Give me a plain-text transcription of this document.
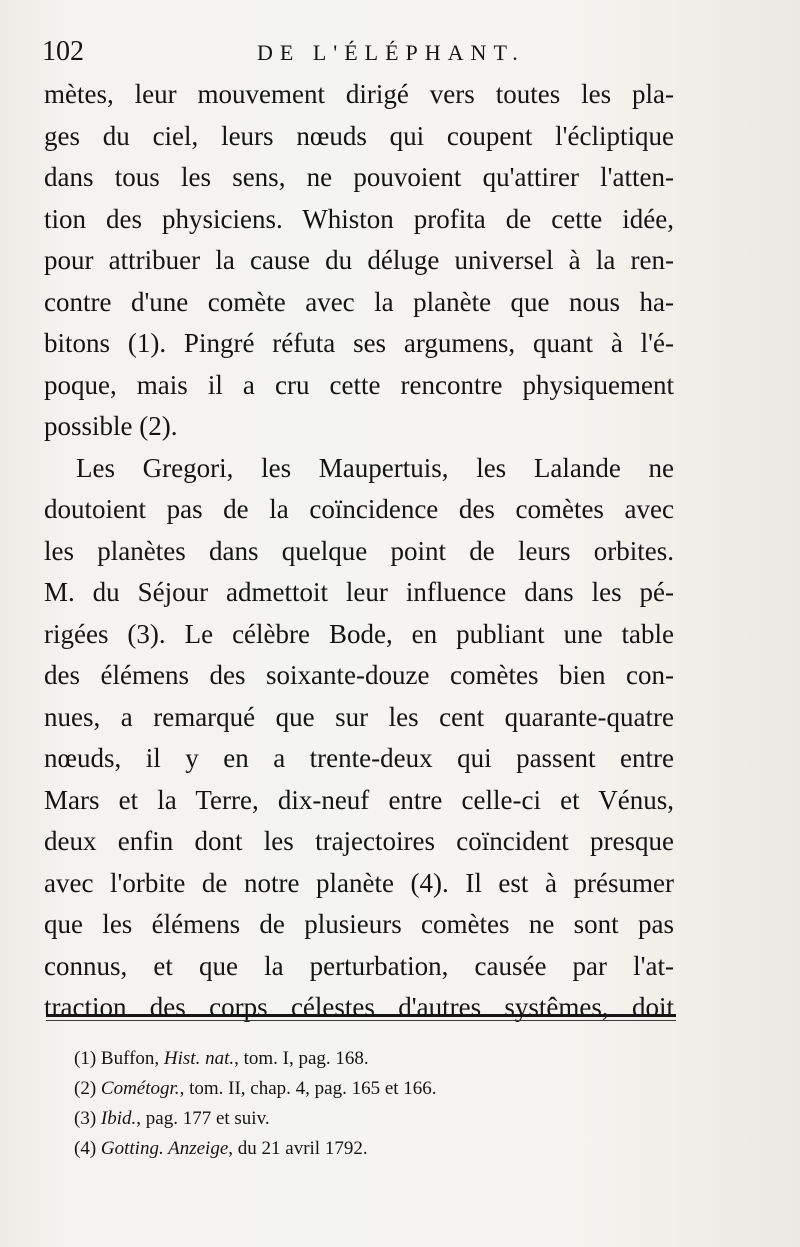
102	DE L'ÉLÉPHANT.
mètes, leur mouvement dirigé vers toutes les pla-
ges du ciel, leurs nœuds qui coupent l'écliptique
dans tous les sens, ne pouvoient qu'attirer l'atten-
tion des physiciens. Whiston profita de cette idée,
pour attribuer la cause du déluge universel à la ren-
contre d'une comète avec la planète que nous ha-
bitons (1). Pingré réfuta ses argumens, quant à l'é-
poque, mais il a cru cette rencontre physiquement
possible (2).
Les Gregori, les Maupertuis, les Lalande ne
doutoient pas de la coïncidence des comètes avec
les planètes dans quelque point de leurs orbites.
M. du Séjour admettoit leur influence dans les pé-
rigées (3). Le célèbre Bode, en publiant une table
des élémens des soixante-douze comètes bien con-
nues, a remarqué que sur les cent quarante-quatre
nœuds, il y en a trente-deux qui passent entre
Mars et la Terre, dix-neuf entre celle-ci et Vénus,
deux enfin dont les trajectoires coïncident presque
avec l'orbite de notre planète (4). Il est à présumer
que les élémens de plusieurs comètes ne sont pas
connus, et que la perturbation, causée par l'at-
traction des corps célestes d'autres systêmes, doit
(1) Buffon, Hist. nat., tom. I, pag. 168.
(2) Cométogr., tom. II, chap. 4, pag. 165 et 166.
(3) Ibid., pag. 177 et suiv.
(4) Gotting. Anzeige, du 21 avril 1792.
